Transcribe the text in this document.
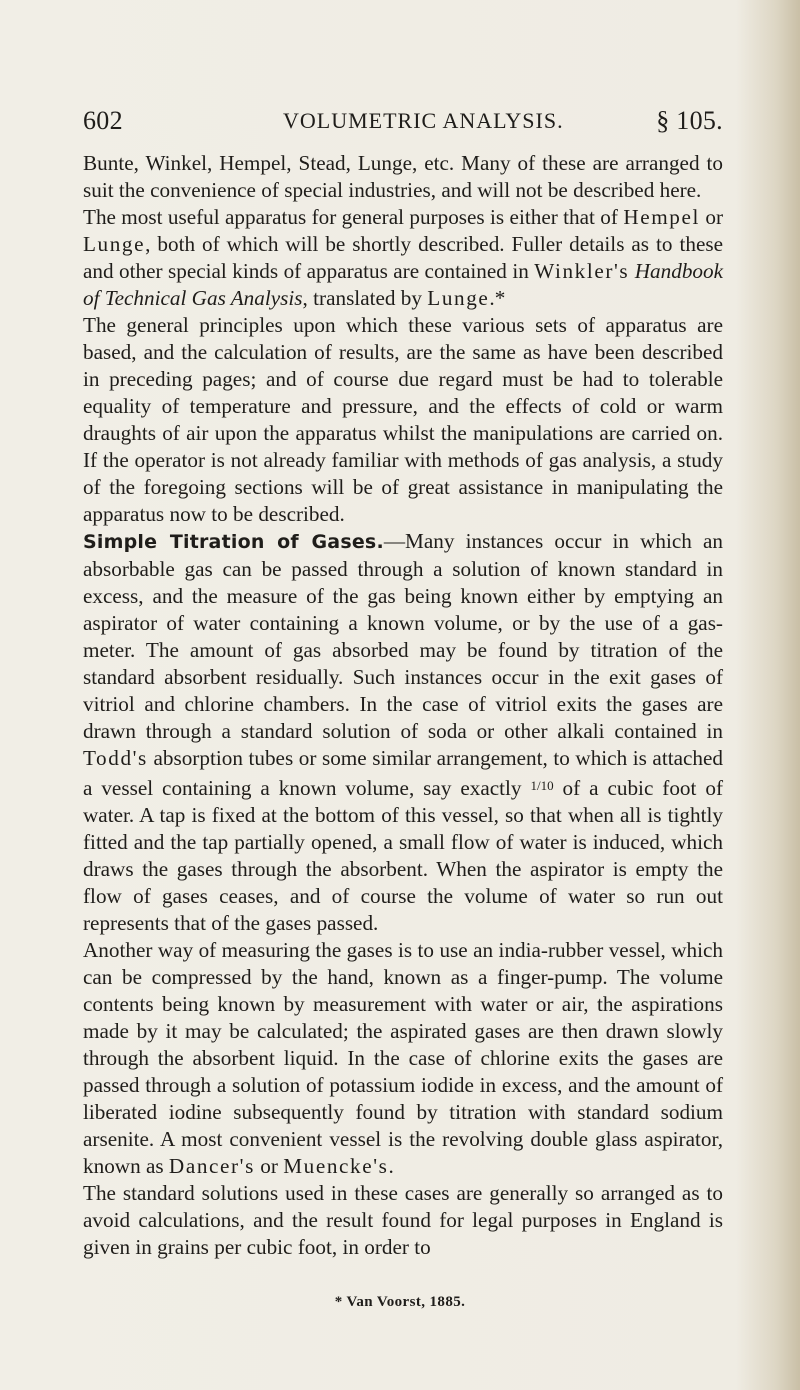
602	VOLUMETRIC ANALYSIS.	§ 105.

Bunte, Winkel, Hempel, Stead, Lunge, etc. Many of these are arranged to suit the convenience of special industries, and will not be described here.

The most useful apparatus for general purposes is either that of Hempel or Lunge, both of which will be shortly described. Fuller details as to these and other special kinds of apparatus are contained in Winkler's Handbook of Technical Gas Analysis, translated by Lunge.*

The general principles upon which these various sets of apparatus are based, and the calculation of results, are the same as have been described in preceding pages; and of course due regard must be had to tolerable equality of temperature and pressure, and the effects of cold or warm draughts of air upon the apparatus whilst the manipulations are carried on. If the operator is not already familiar with methods of gas analysis, a study of the foregoing sections will be of great assistance in manipulating the apparatus now to be described.

Simple Titration of Gases.—Many instances occur in which an absorbable gas can be passed through a solution of known standard in excess, and the measure of the gas being known either by emptying an aspirator of water containing a known volume, or by the use of a gas-meter. The amount of gas absorbed may be found by titration of the standard absorbent residually. Such instances occur in the exit gases of vitriol and chlorine chambers. In the case of vitriol exits the gases are drawn through a standard solution of soda or other alkali contained in Todd's absorption tubes or some similar arrangement, to which is attached a vessel containing a known volume, say exactly $^{1/10}$ of a cubic foot of water. A tap is fixed at the bottom of this vessel, so that when all is tightly fitted and the tap partially opened, a small flow of water is induced, which draws the gases through the absorbent. When the aspirator is empty the flow of gases ceases, and of course the volume of water so run out represents that of the gases passed.

Another way of measuring the gases is to use an india-rubber vessel, which can be compressed by the hand, known as a finger-pump. The volume contents being known by measurement with water or air, the aspirations made by it may be calculated; the aspirated gases are then drawn slowly through the absorbent liquid. In the case of chlorine exits the gases are passed through a solution of potassium iodide in excess, and the amount of liberated iodine subsequently found by titration with standard sodium arsenite. A most convenient vessel is the revolving double glass aspirator, known as Dancer's or Muencke's.

The standard solutions used in these cases are generally so arranged as to avoid calculations, and the result found for legal purposes in England is given in grains per cubic foot, in order to

* Van Voorst, 1885.
